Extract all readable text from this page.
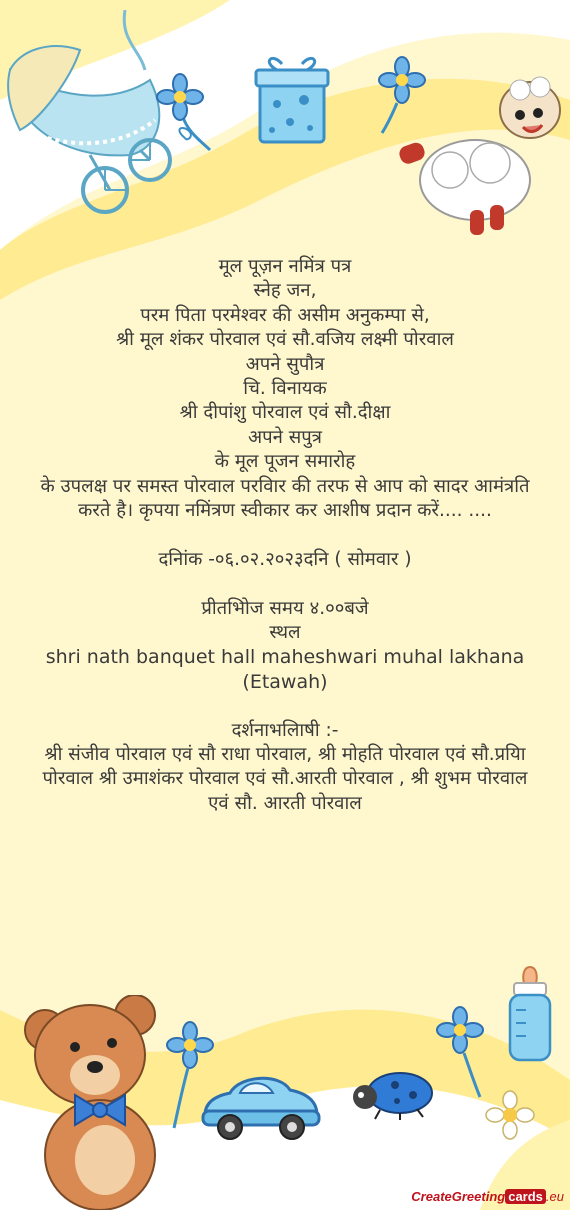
मूल पूज़न नमिंत्र पत्र
स्नेह जन,
परम पिता परमेश्वर की असीम अनुकम्पा से,
श्री मूल शंकर पोरवाल एवं सौ.वजिय लक्ष्मी पोरवाल
अपने सुपौत्र
चि. विनायक
श्री दीपांशु पोरवाल एवं सौ.दीक्षा
अपने सपुत्र
के मूल पूजन समारोह
के उपलक्ष पर समस्त पोरवाल परविार की तरफ से आप को सादर आमंत्रति करते है। कृपया नमिंत्रण स्वीकार कर आशीष प्रदान करें.... ....
दनिांक -०६.०२.२०२३दनि ( सोमवार )
प्रीतभिोज समय ४.००बजे
स्थल
shri nath banquet hall maheshwari muhal lakhana (Etawah)
दर्शनाभलिाषी :-
श्री संजीव पोरवाल एवं सौ राधा पोरवाल, श्री मोहति पोरवाल एवं सौ.प्रयिा पोरवाल श्री उमाशंकर पोरवाल एवं सौ.आरती पोरवाल , श्री शुभम पोरवाल एवं सौ. आरती पोरवाल
CreateGreeting cards .eu
